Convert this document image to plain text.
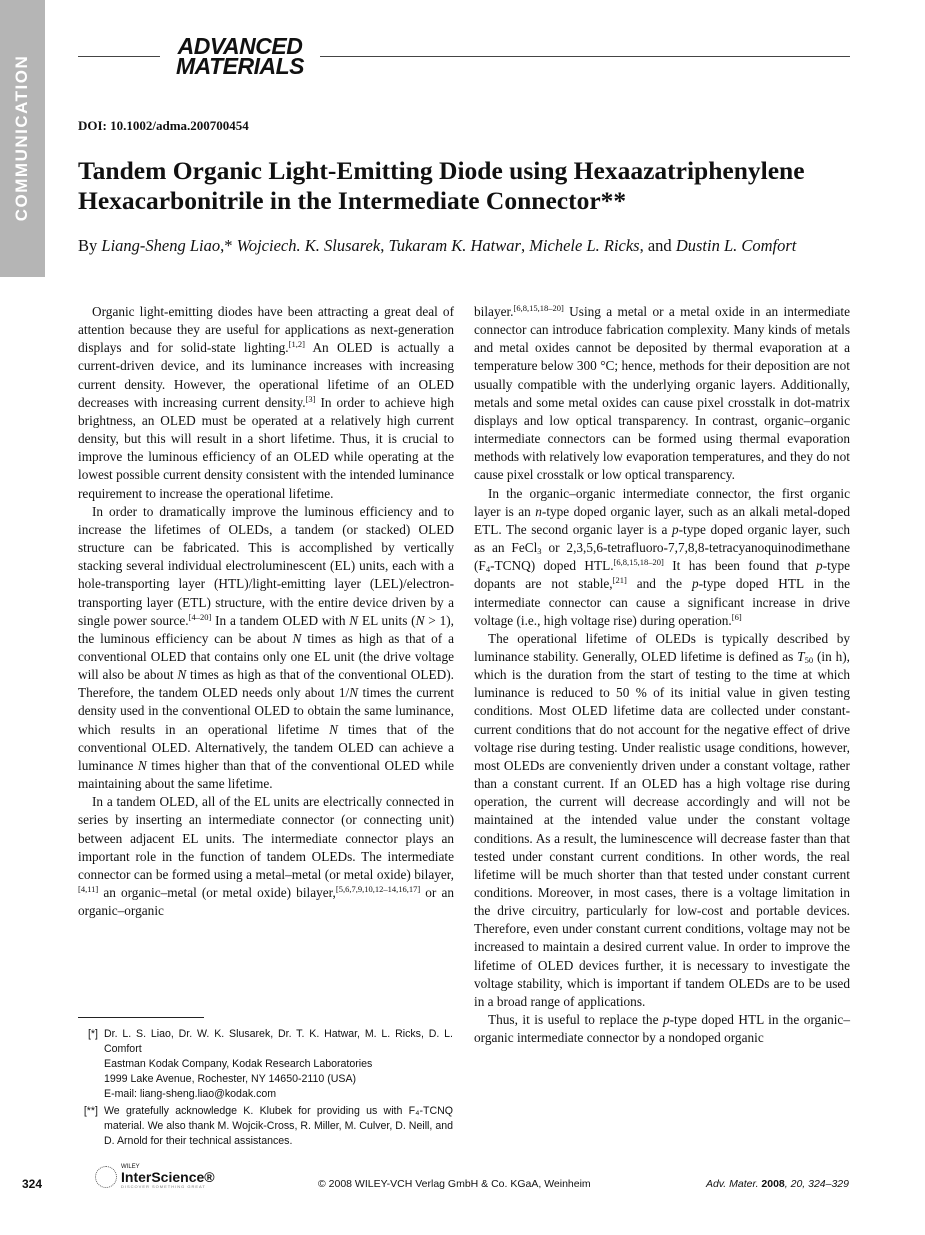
COMMUNICATION
ADVANCED
MATERIALS
DOI: 10.1002/adma.200700454
Tandem Organic Light-Emitting Diode using Hexaazatriphenylene Hexacarbonitrile in the Intermediate Connector**
By Liang-Sheng Liao,* Wojciech. K. Slusarek, Tukaram K. Hatwar, Michele L. Ricks, and Dustin L. Comfort

Organic light-emitting diodes have been attracting a great deal of attention because they are useful for applications as next-generation displays and for solid-state lighting.[1,2] An OLED is actually a current-driven device, and its luminance increases with increasing current density. However, the operational lifetime of an OLED decreases with increasing current density.[3] In order to achieve high brightness, an OLED must be operated at a relatively high current density, but this will result in a short lifetime. Thus, it is crucial to improve the luminous efficiency of an OLED while operating at the lowest possible current density consistent with the intended luminance requirement to increase the operational lifetime.

In order to dramatically improve the luminous efficiency and to increase the lifetimes of OLEDs, a tandem (or stacked) OLED structure can be fabricated. This is accomplished by vertically stacking several individual electroluminescent (EL) units, each with a hole-transporting layer (HTL)/light-emitting layer (LEL)/electron-transporting layer (ETL) structure, with the entire device driven by a single power source.[4–20] In a tandem OLED with N EL units (N > 1), the luminous efficiency can be about N times as high as that of a conventional OLED that contains only one EL unit (the drive voltage will also be about N times as high as that of the conventional OLED). Therefore, the tandem OLED needs only about 1/N times the current density used in the conventional OLED to obtain the same luminance, which results in an operational lifetime N times that of the conventional OLED. Alternatively, the tandem OLED can achieve a luminance N times higher than that of the conventional OLED while maintaining about the same lifetime.

In a tandem OLED, all of the EL units are electrically connected in series by inserting an intermediate connector (or connecting unit) between adjacent EL units. The intermediate connector plays an important role in the function of tandem OLEDs. The intermediate connector can be formed using a metal–metal (or metal oxide) bilayer,[4,11] an organic–metal (or metal oxide) bilayer,[5,6,7,9,10,12–14,16,17] or an organic–organic

bilayer.[6,8,15,18–20] Using a metal or a metal oxide in an intermediate connector can introduce fabrication complexity. Many kinds of metals and metal oxides cannot be deposited by thermal evaporation at a temperature below 300 °C; hence, methods for their deposition are not usually compatible with the underlying organic layers. Additionally, metals and some metal oxides can cause pixel crosstalk in dot-matrix displays and low optical transparency. In contrast, organic–organic intermediate connectors can be formed using thermal evaporation methods with relatively low evaporation temperatures, and they do not cause pixel crosstalk or low optical transparency.

In the organic–organic intermediate connector, the first organic layer is an n-type doped organic layer, such as an alkali metal-doped ETL. The second organic layer is a p-type doped organic layer, such as an FeCl$_3$ or 2,3,5,6-tetrafluoro-7,7,8,8-tetracyanoquinodimethane $(F_4-TCNQ)$ doped HTL.[6,8,15,18–20] It has been found that p-type dopants are not stable,[21] and the p-type doped HTL in the intermediate connector can cause a significant increase in drive voltage (i.e., high voltage rise) during operation.[6]

The operational lifetime of OLEDs is typically described by luminance stability. Generally, OLED lifetime is defined as $T_{50}$ (in h), which is the duration from the start of testing to the time at which luminance is reduced to 50 % of its initial value in given testing conditions. Most OLED lifetime data are collected under constant-current conditions that do not account for the negative effect of drive voltage rise during testing. Under realistic usage conditions, however, most OLEDs are conveniently driven under a constant voltage, rather than a constant current. If an OLED has a high voltage rise during operation, the current will decrease accordingly and will not be maintained at the intended value under the constant voltage conditions. As a result, the luminescence will decrease faster than that tested under constant current conditions. In other words, the real lifetime will be much shorter than that tested under constant current conditions. Moreover, in most cases, there is a voltage limitation in the drive circuitry, particularly for low-cost and portable devices. Therefore, even under constant current conditions, voltage may not be increased to maintain a desired current value. In order to improve the lifetime of OLED devices further, it is necessary to investigate the voltage stability, which is important if tandem OLEDs are to be used in a broad range of applications.

Thus, it is useful to replace the p-type doped HTL in the organic–organic intermediate connector by a nondoped organic

[*] Dr. L. S. Liao, Dr. W. K. Slusarek, Dr. T. K. Hatwar, M. L. Ricks, D. L. Comfort
Eastman Kodak Company, Kodak Research Laboratories
1999 Lake Avenue, Rochester, NY 14650-2110 (USA)
E-mail: liang-sheng.liao@kodak.com
[**] We gratefully acknowledge K. Klubek for providing us with F₄-TCNQ material. We also thank M. Wojcik-Cross, R. Miller, M. Culver, D. Neill, and D. Arnold for their technical assistances.
324
WILEY
InterScience®
DISCOVER SOMETHING GREAT	© 2008 WILEY-VCH Verlag GmbH & Co. KGaA, Weinheim	Adv. Mater. 2008, 20, 324–329
